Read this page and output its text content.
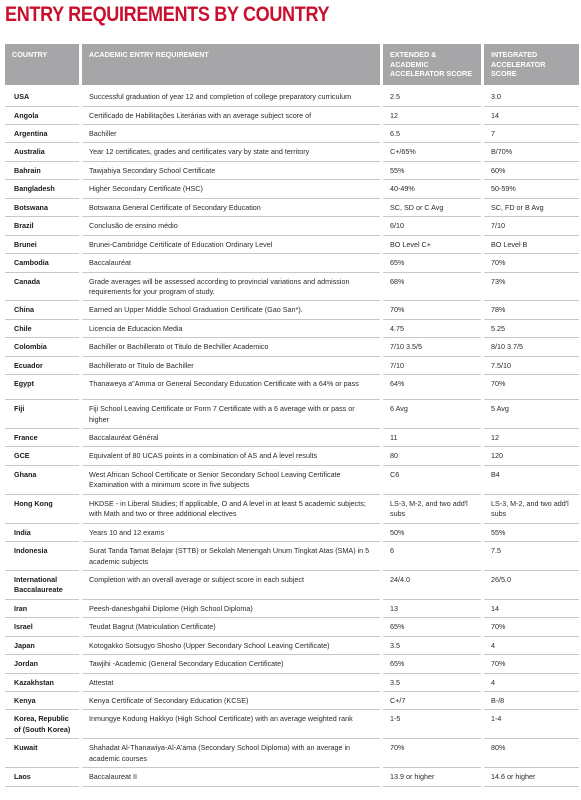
ENTRY REQUIREMENTS BY COUNTRY
COUNTRY	ACADEMIC ENTRY REQUIREMENT	EXTENDED & ACADEMIC ACCELERATOR SCORE	INTEGRATED ACCELERATOR SCORE
USA	Successful graduation of year 12 and completion of college preparatory curriculum	2.5	3.0
Angola	Certificado de Habilitações Literárias with an average subject score of	12	14
Argentina	Bachiller	6.5	7
Australia	Year 12 certificates, grades and certificates vary by state and territory	C+/65%	B/70%
Bahrain	Tawjahiya Secondary School Certificate	55%	60%
Bangladesh	Higher Secondary Certificate (HSC)	40-49%	50-59%
Botswana	Botswana General Certificate of Secondary Education	SC, SD or C Avg	SC, FD or B Avg
Brazil	Conclusão de ensino médio	6/10	7/10
Brunei	Brunei-Cambridge Certificate of Education Ordinary Level	BO Level C+	BO Level B
Cambodia	Baccalauréat	65%	70%
Canada	Grade averages will be assessed according to provincial variations and admission requirements for your program of study.	68%	73%
China	Earned an Upper Middle School Graduation Certificate (Gao San*).	70%	78%
Chile	Licencia de Educacion Media	4.75	5.25
Colombia	Bachiller or Bachillerato ot Titulo de Bechiller Academico	7/10 3.5/5	8/10 3.7/5
Ecuador	Bachillerato or Titulo de Bachiller	7/10	7.5/10
Egypt	Thanaweya a"Amma or General Secondary Education Certificate with a 64% or pass	64%	70%
Fiji	Fiji School Leaving Certificate or Form 7 Certificate with a 6 average with or pass or higher	6 Avg	5 Avg
France	Baccalauréat Général	11	12
GCE	Equivalent of 80 UCAS points in a combination of AS and A level results	80	120
Ghana	West African School Certificate or Senior Secondary School Leaving Certificate Examination with a minimum score in five subjects	C6	B4
Hong Kong	HKDSE - in Liberal Studies; If applicable, O and A level in at least 5 academic subjects; with Math and two or three additional electives	LS-3, M-2, and two add'l subs	LS-3, M-2, and two add'l subs
India	Years 10 and 12 exams	50%	55%
Indonesia	Surat Tanda Tamat Belajar (STTB) or Sekolah Menengah Unum Tingkat Atas (SMA) in 5 academic subjects	6	7.5
International Baccalaureate	Completion with an overall average or subject score in each subject	24/4.0	26/5.0
Iran	Peesh-daneshgahii Diplome (High School Diploma)	13	14
Israel	Teudat Bagrut (Matriculation Certificate)	65%	70%
Japan	Kotogakko Sotsugyo Shosho (Upper Secondary School Leaving Certificate)	3.5	4
Jordan	Tawjihi -Academic (General Secondary Education Certificate)	65%	70%
Kazakhstan	Attestat	3.5	4
Kenya	Kenya Certificate of Secondary Education (KCSE)	C+/7	B-/8
Korea, Republic of (South Korea)	Inmungye Kodung Hakkyo (High School Certificate) with an average weighted rank	1-5	1-4
Kuwait	Shahadat Al-Thanawiya-Al-A'ama (Secondary School Diploma) with an average in academic courses	70%	80%
Laos	Baccalaureat II	13.9 or higher	14.6 or higher
